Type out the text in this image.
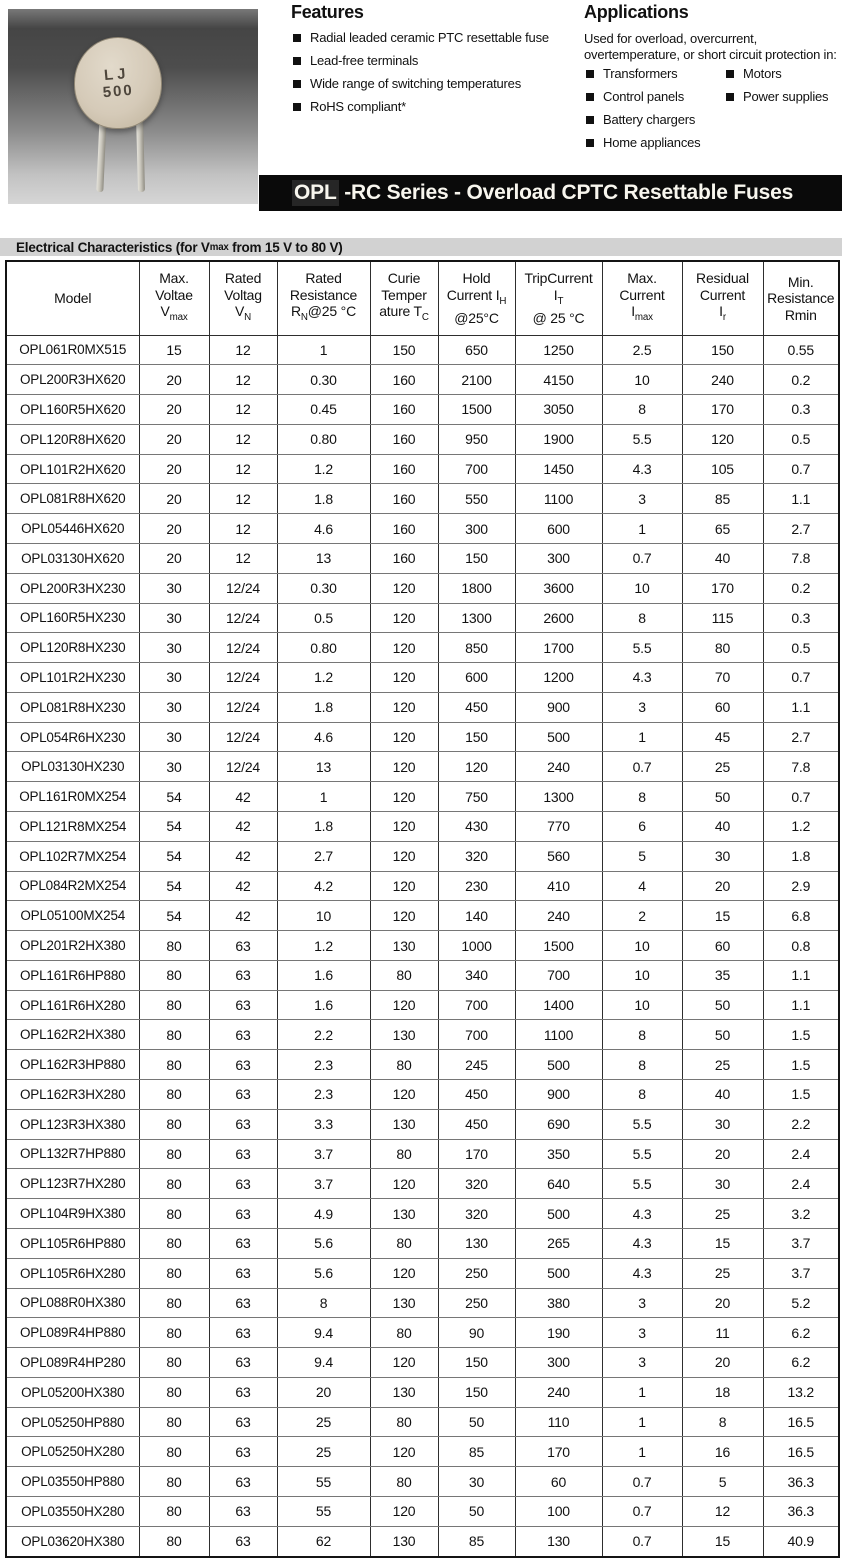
LJ
500
Features
Radial leaded ceramic PTC resettable fuse
Lead-free terminals
Wide range of switching temperatures
RoHS compliant*
Applications
Used for overload, overcurrent,
overtemperature, or short circuit protection in:
Transformers
Control panels
Battery chargers
Home appliances
Motors
Power supplies
OPL -RC Series - Overload CPTC Resettable Fuses
Electrical Characteristics (for V max from 15 V to 80 V)
Model

Max.
Voltae
$V_{max}$

Rated
Voltag
$V_N$

Rated
Resistance
$R_N@25$ °C

Curie
Temper
ature $T_C$

Hold
Current $I_H$
@25°C

TripCurrent
$I_T$
@ 25 °C

Max.
Current
$I_{max}$

Residual
Current
$I_r$

Min.
Resistance
Rmin

OPL061R0MX515	15	12	1	150	650	1250	2.5	150	0.55
OPL200R3HX620	20	12	0.30	160	2100	4150	10	240	0.2
OPL160R5HX620	20	12	0.45	160	1500	3050	8	170	0.3
OPL120R8HX620	20	12	0.80	160	950	1900	5.5	120	0.5
OPL101R2HX620	20	12	1.2	160	700	1450	4.3	105	0.7
OPL081R8HX620	20	12	1.8	160	550	1100	3	85	1.1
OPL05446HX620	20	12	4.6	160	300	600	1	65	2.7
OPL03130HX620	20	12	13	160	150	300	0.7	40	7.8
OPL200R3HX230	30	12/24	0.30	120	1800	3600	10	170	0.2
OPL160R5HX230	30	12/24	0.5	120	1300	2600	8	115	0.3
OPL120R8HX230	30	12/24	0.80	120	850	1700	5.5	80	0.5
OPL101R2HX230	30	12/24	1.2	120	600	1200	4.3	70	0.7
OPL081R8HX230	30	12/24	1.8	120	450	900	3	60	1.1
OPL054R6HX230	30	12/24	4.6	120	150	500	1	45	2.7
OPL03130HX230	30	12/24	13	120	120	240	0.7	25	7.8
OPL161R0MX254	54	42	1	120	750	1300	8	50	0.7
OPL121R8MX254	54	42	1.8	120	430	770	6	40	1.2
OPL102R7MX254	54	42	2.7	120	320	560	5	30	1.8
OPL084R2MX254	54	42	4.2	120	230	410	4	20	2.9
OPL05100MX254	54	42	10	120	140	240	2	15	6.8
OPL201R2HX380	80	63	1.2	130	1000	1500	10	60	0.8
OPL161R6HP880	80	63	1.6	80	340	700	10	35	1.1
OPL161R6HX280	80	63	1.6	120	700	1400	10	50	1.1
OPL162R2HX380	80	63	2.2	130	700	1100	8	50	1.5
OPL162R3HP880	80	63	2.3	80	245	500	8	25	1.5
OPL162R3HX280	80	63	2.3	120	450	900	8	40	1.5
OPL123R3HX380	80	63	3.3	130	450	690	5.5	30	2.2
OPL132R7HP880	80	63	3.7	80	170	350	5.5	20	2.4
OPL123R7HX280	80	63	3.7	120	320	640	5.5	30	2.4
OPL104R9HX380	80	63	4.9	130	320	500	4.3	25	3.2
OPL105R6HP880	80	63	5.6	80	130	265	4.3	15	3.7
OPL105R6HX280	80	63	5.6	120	250	500	4.3	25	3.7
OPL088R0HX380	80	63	8	130	250	380	3	20	5.2
OPL089R4HP880	80	63	9.4	80	90	190	3	11	6.2
OPL089R4HP280	80	63	9.4	120	150	300	3	20	6.2
OPL05200HX380	80	63	20	130	150	240	1	18	13.2
OPL05250HP880	80	63	25	80	50	110	1	8	16.5
OPL05250HX280	80	63	25	120	85	170	1	16	16.5
OPL03550HP880	80	63	55	80	30	60	0.7	5	36.3
OPL03550HX280	80	63	55	120	50	100	0.7	12	36.3
OPL03620HX380	80	63	62	130	85	130	0.7	15	40.9
